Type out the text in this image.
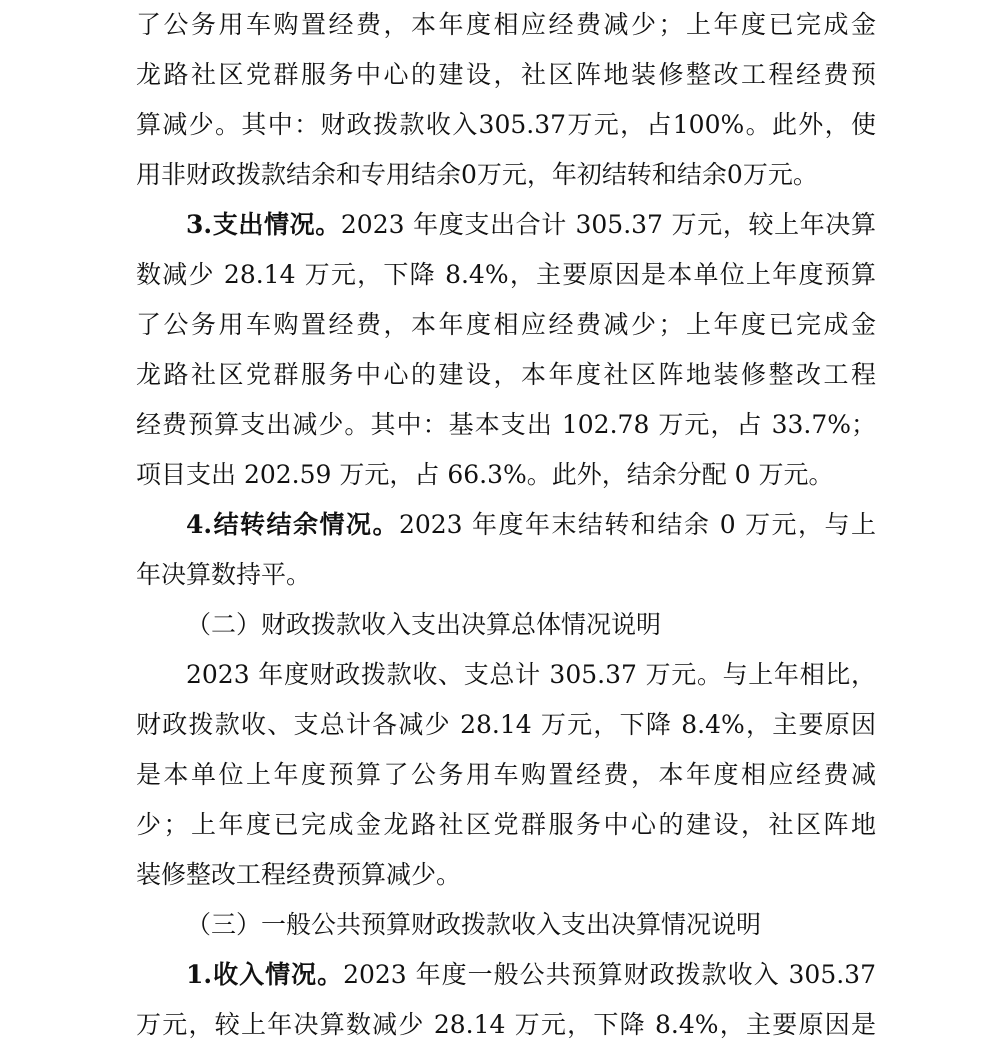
了公务用车购置经费，本年度相应经费减少；上年度已完成金
龙路社区党群服务中心的建设，社区阵地装修整改工程经费预
算减少。其中：财政拨款收入305.37万元，占100%。此外，使
用非财政拨款结余和专用结余0万元，年初结转和结余0万元。
3.支出情况。2023 年度支出合计 305.37 万元，较上年决算
数减少 28.14 万元，下降 8.4%，主要原因是本单位上年度预算
了公务用车购置经费，本年度相应经费减少；上年度已完成金
龙路社区党群服务中心的建设，本年度社区阵地装修整改工程
经费预算支出减少。其中：基本支出 102.78 万元，占 33.7%；
项目支出 202.59 万元，占 66.3%。此外，结余分配 0 万元。
4.结转结余情况。2023 年度年末结转和结余 0 万元，与上
年决算数持平。
（二）财政拨款收入支出决算总体情况说明
2023 年度财政拨款收、支总计 305.37 万元。与上年相比，
财政拨款收、支总计各减少 28.14 万元，下降 8.4%，主要原因
是本单位上年度预算了公务用车购置经费，本年度相应经费减
少；上年度已完成金龙路社区党群服务中心的建设，社区阵地
装修整改工程经费预算减少。
（三）一般公共预算财政拨款收入支出决算情况说明
1.收入情况。2023 年度一般公共预算财政拨款收入 305.37
万元，较上年决算数减少 28.14 万元，下降 8.4%，主要原因是
